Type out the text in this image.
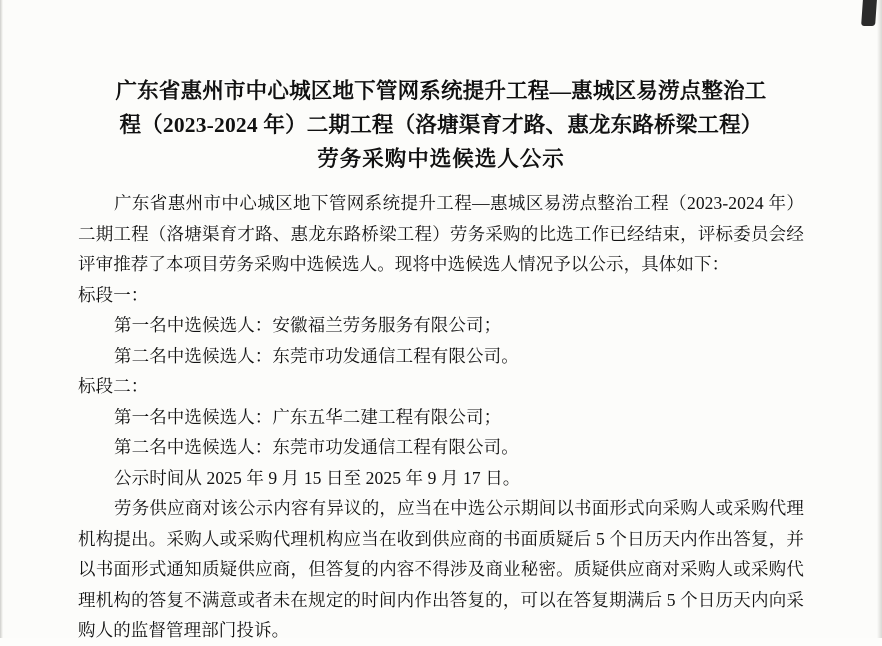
广东省惠州市中心城区地下管网系统提升工程—惠城区易涝点整治工
程（2023-2024 年）二期工程（洛塘渠育才路、惠龙东路桥梁工程）
劳务采购中选候选人公示

广东省惠州市中心城区地下管网系统提升工程—惠城区易涝点整治工程（2023-2024 年）二期工程（洛塘渠育才路、惠龙东路桥梁工程）劳务采购的比选工作已经结束，评标委员会经评审推荐了本项目劳务采购中选候选人。现将中选候选人情况予以公示，具体如下：

标段一：

第一名中选候选人：安徽福兰劳务服务有限公司；

第二名中选候选人：东莞市功发通信工程有限公司。

标段二：

第一名中选候选人：广东五华二建工程有限公司；

第二名中选候选人：东莞市功发通信工程有限公司。

公示时间从 2025 年 9 月 15 日至 2025 年 9 月 17 日。

劳务供应商对该公示内容有异议的，应当在中选公示期间以书面形式向采购人或采购代理机构提出。采购人或采购代理机构应当在收到供应商的书面质疑后 5 个日历天内作出答复，并以书面形式通知质疑供应商，但答复的内容不得涉及商业秘密。质疑供应商对采购人或采购代理机构的答复不满意或者未在规定的时间内作出答复的，可以在答复期满后 5 个日历天内向采购人的监督管理部门投诉。
